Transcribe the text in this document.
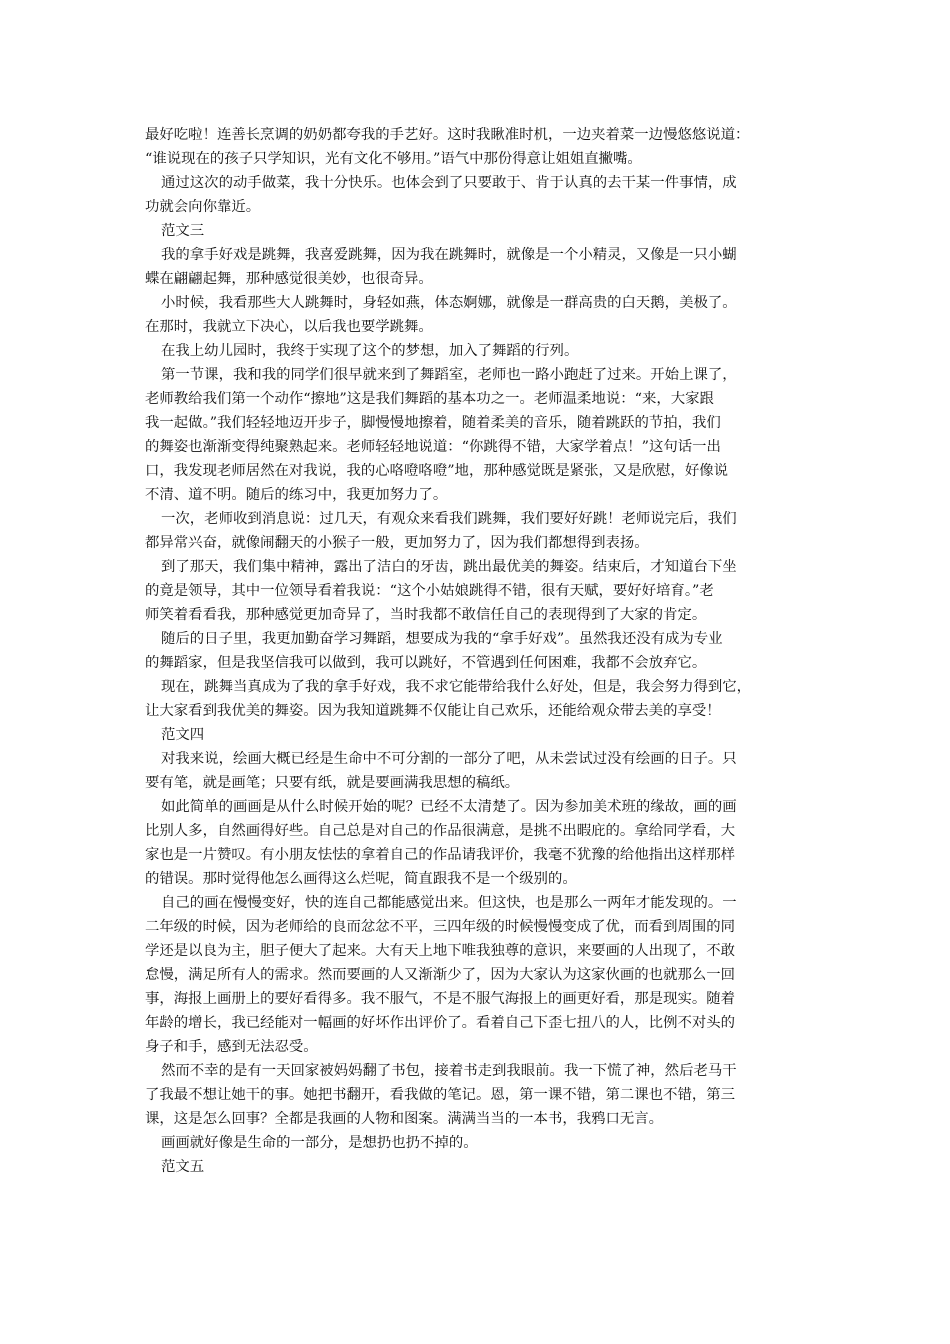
最好吃啦！连善长烹调的奶奶都夸我的手艺好。这时我瞅准时机，一边夹着菜一边慢悠悠说道：
“谁说现在的孩子只学知识，光有文化不够用。”语气中那份得意让姐姐直撇嘴。
通过这次的动手做菜，我十分快乐。也体会到了只要敢于、肯于认真的去干某一件事情，成
功就会向你靠近。
范文三
我的拿手好戏是跳舞，我喜爱跳舞，因为我在跳舞时，就像是一个小精灵，又像是一只小蝴
蝶在翩翩起舞，那种感觉很美妙，也很奇异。
小时候，我看那些大人跳舞时，身轻如燕，体态婀娜，就像是一群高贵的白天鹅，美极了。
在那时，我就立下决心，以后我也要学跳舞。
在我上幼儿园时，我终于实现了这个的梦想，加入了舞蹈的行列。
第一节课，我和我的同学们很早就来到了舞蹈室，老师也一路小跑赶了过来。开始上课了，
老师教给我们第一个动作“擦地”这是我们舞蹈的基本功之一。老师温柔地说：“来，大家跟
我一起做。”我们轻轻地迈开步子，脚慢慢地擦着，随着柔美的音乐，随着跳跃的节拍，我们
的舞姿也渐渐变得纯聚熟起来。老师轻轻地说道：“你跳得不错，大家学着点！”这句话一出
口，我发现老师居然在对我说，我的心咯噔咯噔”地，那种感觉既是紧张，又是欣慰，好像说
不清、道不明。随后的练习中，我更加努力了。
一次，老师收到消息说：过几天，有观众来看我们跳舞，我们要好好跳！老师说完后，我们
都异常兴奋，就像闹翻天的小猴子一般，更加努力了，因为我们都想得到表扬。
到了那天，我们集中精神，露出了洁白的牙齿，跳出最优美的舞姿。结束后，才知道台下坐
的竟是领导，其中一位领导看着我说：“这个小姑娘跳得不错，很有天赋，要好好培育。”老
师笑着看看我，那种感觉更加奇异了，当时我都不敢信任自己的表现得到了大家的肯定。
随后的日子里，我更加勤奋学习舞蹈，想要成为我的“拿手好戏”。虽然我还没有成为专业
的舞蹈家，但是我坚信我可以做到，我可以跳好，不管遇到任何困难，我都不会放弃它。
现在，跳舞当真成为了我的拿手好戏，我不求它能带给我什么好处，但是，我会努力得到它，
让大家看到我优美的舞姿。因为我知道跳舞不仅能让自己欢乐，还能给观众带去美的享受！
范文四
对我来说，绘画大概已经是生命中不可分割的一部分了吧，从未尝试过没有绘画的日子。只
要有笔，就是画笔；只要有纸，就是要画满我思想的稿纸。
如此简单的画画是从什么时候开始的呢？已经不太清楚了。因为参加美术班的缘故，画的画
比别人多，自然画得好些。自己总是对自己的作品很满意，是挑不出暇庇的。拿给同学看，大
家也是一片赞叹。有小朋友怯怯的拿着自己的作品请我评价，我毫不犹豫的给他指出这样那样
的错误。那时觉得他怎么画得这么烂呢，简直跟我不是一个级别的。
自己的画在慢慢变好，快的连自己都能感觉出来。但这快，也是那么一两年才能发现的。一
二年级的时候，因为老师给的良而忿忿不平，三四年级的时候慢慢变成了优，而看到周围的同
学还是以良为主，胆子便大了起来。大有天上地下唯我独尊的意识，来要画的人出现了，不敢
怠慢，满足所有人的需求。然而要画的人又渐渐少了，因为大家认为这家伙画的也就那么一回
事，海报上画册上的要好看得多。我不服气，不是不服气海报上的画更好看，那是现实。随着
年龄的增长，我已经能对一幅画的好坏作出评价了。看着自己下歪七扭八的人，比例不对头的
身子和手，感到无法忍受。
然而不幸的是有一天回家被妈妈翻了书包，接着书走到我眼前。我一下慌了神，然后老马干
了我最不想让她干的事。她把书翻开，看我做的笔记。恩，第一课不错，第二课也不错，第三
课，这是怎么回事？全都是我画的人物和图案。满满当当的一本书，我鸦口无言。
画画就好像是生命的一部分，是想扔也扔不掉的。
范文五
